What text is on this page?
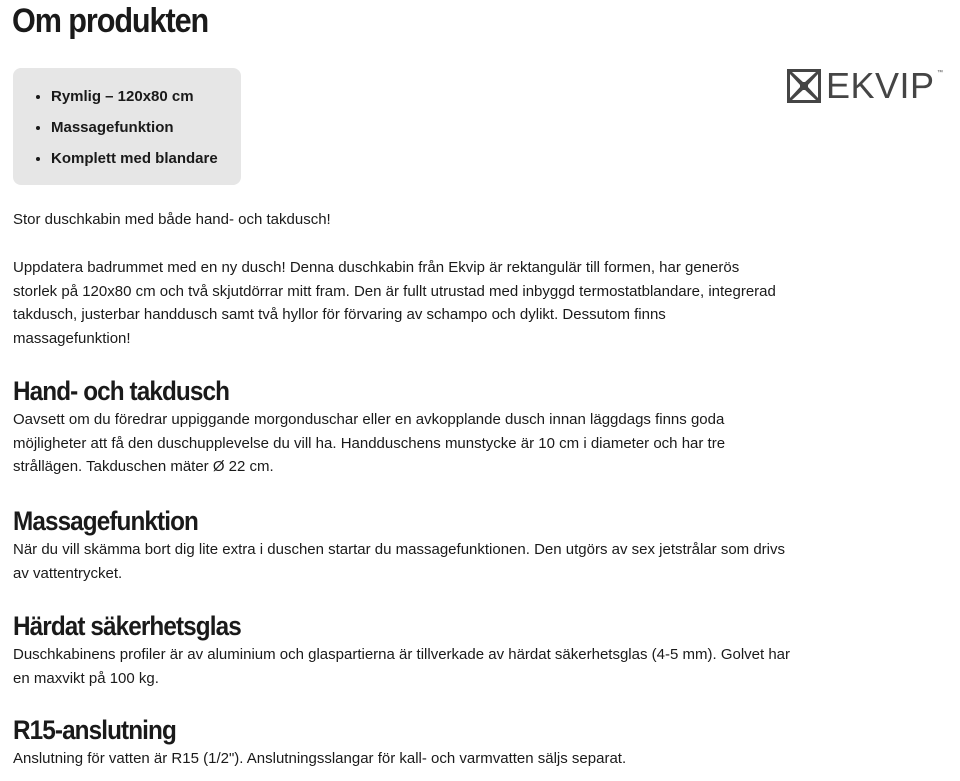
Om produkten
• Rymlig – 120x80 cm
• Massagefunktion
• Komplett med blandare
EKVIP ™

Stor duschkabin med både hand- och takdusch!

Uppdatera badrummet med en ny dusch! Denna duschkabin från Ekvip är rektangulär till formen, har generös storlek på 120x80 cm och två skjutdörrar mitt fram. Den är fullt utrustad med inbyggd termostatblandare, integrerad takdusch, justerbar handdusch samt två hyllor för förvaring av schampo och dylikt. Dessutom finns massagefunktion!

Hand- och takdusch

Oavsett om du föredrar uppiggande morgonduschar eller en avkopplande dusch innan läggdags finns goda möjligheter att få den duschupplevelse du vill ha. Handduschens munstycke är 10 cm i diameter och har tre strållägen. Takduschen mäter Ø 22 cm.

Massagefunktion

När du vill skämma bort dig lite extra i duschen startar du massagefunktionen. Den utgörs av sex jetstrålar som drivs av vattentrycket.

Härdat säkerhetsglas

Duschkabinens profiler är av aluminium och glaspartierna är tillverkade av härdat säkerhetsglas (4-5 mm). Golvet har en maxvikt på 100 kg.

R15-anslutning

Anslutning för vatten är R15 (1/2"). Anslutningsslangar för kall- och varmvatten säljs separat.
